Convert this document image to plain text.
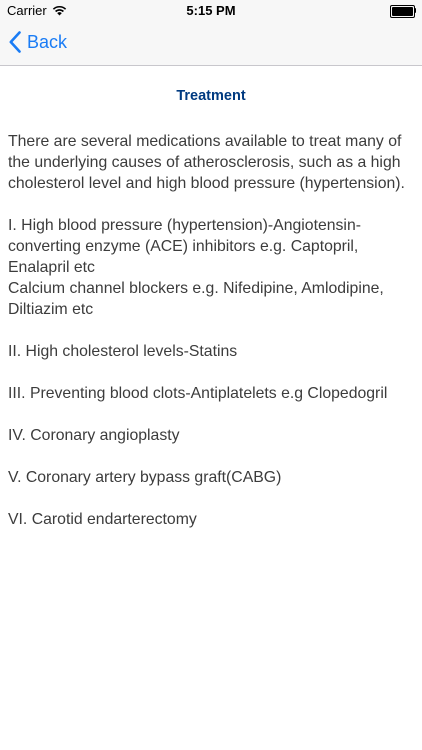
Carrier	5:15 PM
Back
Treatment

There are several medications available to treat many of the underlying causes of atherosclerosis, such as a high cholesterol level and high blood pressure (hypertension).

I. High blood pressure (hypertension)-Angiotensin-converting enzyme (ACE) inhibitors e.g. Captopril, Enalapril etc

Calcium channel blockers e.g. Nifedipine, Amlodipine, Diltiazim etc

II. High cholesterol levels-Statins

III. Preventing blood clots-Antiplatelets e.g Clopedogril

IV. Coronary angioplasty

V. Coronary artery bypass graft(CABG)

VI. Carotid endarterectomy
